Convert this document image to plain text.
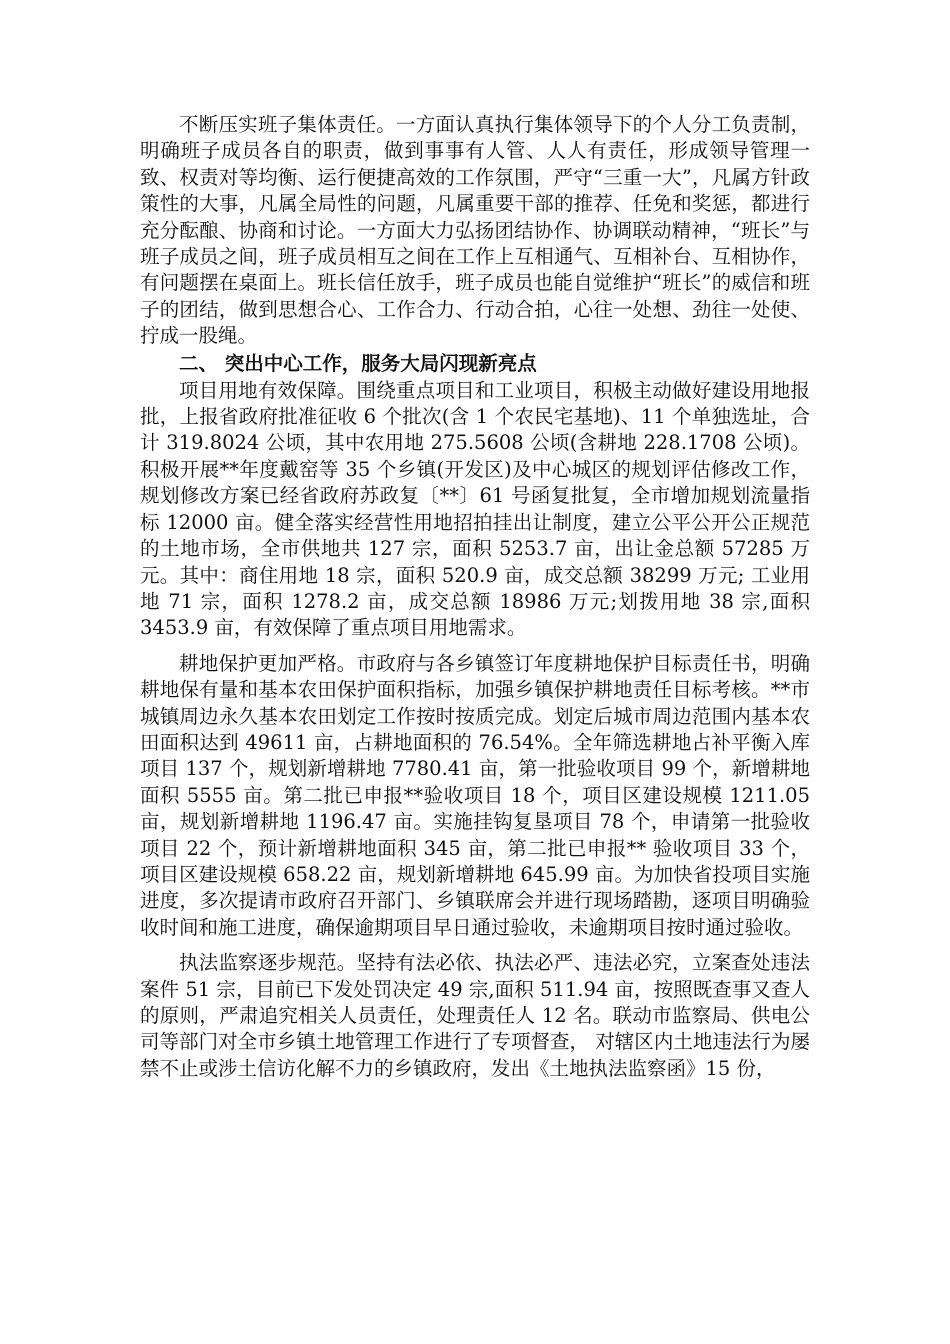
不断压实班子集体责任。一方面认真执行集体领导下的个人分工负责制，明确班子成员各自的职责，做到事事有人管、人人有责任，形成领导管理一致、权责对等均衡、运行便捷高效的工作氛围，严守“三重一大”，凡属方针政策性的大事，凡属全局性的问题，凡属重要干部的推荐、任免和奖惩，都进行充分酝酿、协商和讨论。一方面大力弘扬团结协作、协调联动精神，“班长”与班子成员之间，班子成员相互之间在工作上互相通气、互相补台、互相协作，有问题摆在桌面上。班长信任放手，班子成员也能自觉维护“班长”的威信和班子的团结，做到思想合心、工作合力、行动合拍，心往一处想、劲往一处使、拧成一股绳。

二、 突出中心工作，服务大局闪现新亮点

项目用地有效保障。围绕重点项目和工业项目，积极主动做好建设用地报批，上报省政府批准征收 6 个批次(含 1 个农民宅基地)、11 个单独选址，合计 319.8024 公顷，其中农用地 275.5608 公顷(含耕地 228.1708 公顷)。积极开展**年度戴窑等 35 个乡镇(开发区)及中心城区的规划评估修改工作，规划修改方案已经省政府苏政复〔**〕61 号函复批复，全市增加规划流量指标 12000 亩。健全落实经营性用地招拍挂出让制度，建立公平公开公正规范的土地市场，全市供地共 127 宗，面积 5253.7 亩，出让金总额 57285 万元。其中：商住用地 18 宗，面积 520.9 亩，成交总额 38299 万元; 工业用地 71 宗，面积 1278.2 亩，成交总额 18986 万元;划拨用地 38 宗,面积 3453.9 亩，有效保障了重点项目用地需求。

耕地保护更加严格。市政府与各乡镇签订年度耕地保护目标责任书，明确耕地保有量和基本农田保护面积指标，加强乡镇保护耕地责任目标考核。**市城镇周边永久基本农田划定工作按时按质完成。划定后城市周边范围内基本农田面积达到 49611 亩，占耕地面积的 76.54%。全年筛选耕地占补平衡入库项目 137 个，规划新增耕地 7780.41 亩，第一批验收项目 99 个，新增耕地面积 5555 亩。第二批已申报**验收项目 18 个，项目区建设规模 1211.05 亩，规划新增耕地 1196.47 亩。实施挂钩复垦项目 78 个，申请第一批验收项目 22 个，预计新增耕地面积 345 亩，第二批已申报** 验收项目 33 个，项目区建设规模 658.22 亩，规划新增耕地 645.99 亩。为加快省投项目实施进度，多次提请市政府召开部门、乡镇联席会并进行现场踏勘，逐项目明确验收时间和施工进度，确保逾期项目早日通过验收，未逾期项目按时通过验收。

执法监察逐步规范。坚持有法必依、执法必严、违法必究，立案查处违法案件 51 宗，目前已下发处罚决定 49 宗,面积 511.94 亩，按照既查事又查人的原则，严肃追究相关人员责任，处理责任人 12 名。联动市监察局、供电公司等部门对全市乡镇土地管理工作进行了专项督查， 对辖区内土地违法行为屡禁不止或涉土信访化解不力的乡镇政府，发出《土地执法监察函》15 份，
